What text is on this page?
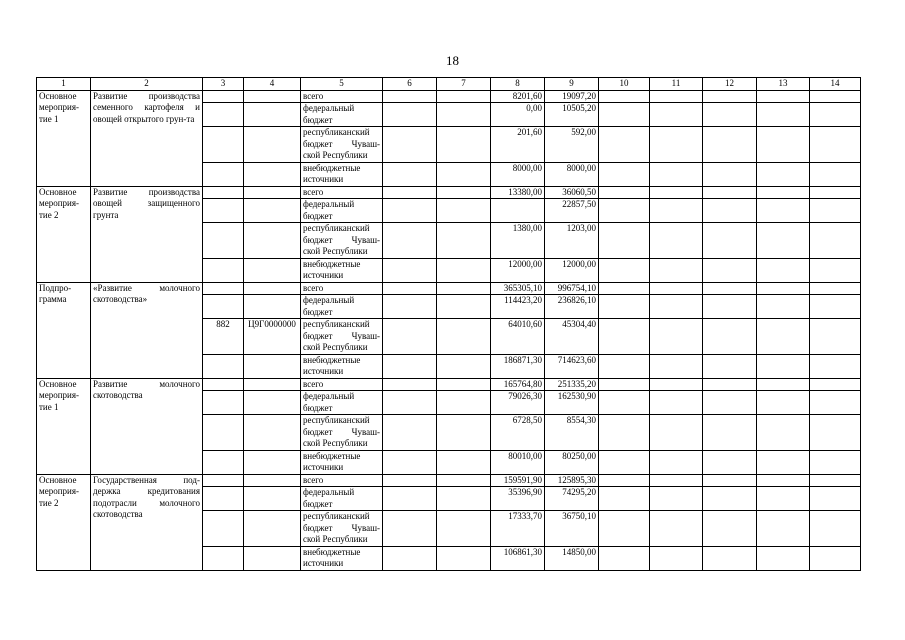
18
1	2	3	4	5	6	7	8	9	10	11	12	13	14
Основное мероприя-тие 1	Развитие производства семенного картофеля и овощей открытого грун-та			всего			8201,60	19097,20					
				федеральный бюджет			0,00	10505,20					
				республиканский бюджет Чуваш-ской Республики			201,60	592,00					
				внебюджетные источники			8000,00	8000,00					
Основное мероприя-тие 2	Развитие производства овощей защищенного грунта			всего			13380,00	36060,50					
				федеральный бюджет				22857,50					
				республиканский бюджет Чуваш-ской Республики			1380,00	1203,00					
				внебюджетные источники			12000,00	12000,00					
Подпро-грамма	«Развитие молочного скотоводства»			всего			365305,10	996754,10					
				федеральный бюджет			114423,20	236826,10					
		882	Ц9Г0000000	республиканский бюджет Чуваш-ской Республики			64010,60	45304,40					
				внебюджетные источники			186871,30	714623,60					
Основное мероприя-тие 1	Развитие молочного скотоводства			всего			165764,80	251335,20					
				федеральный бюджет			79026,30	162530,90					
				республиканский бюджет Чуваш-ской Республики			6728,50	8554,30					
				внебюджетные источники			80010,00	80250,00					
Основное мероприя-тие 2	Государственная под-держка кредитования подотрасли молочного скотоводства			всего			159591,90	125895,30					
				федеральный бюджет			35396,90	74295,20					
				республиканский бюджет Чуваш-ской Республики			17333,70	36750,10					
				внебюджетные источники			106861,30	14850,00					
